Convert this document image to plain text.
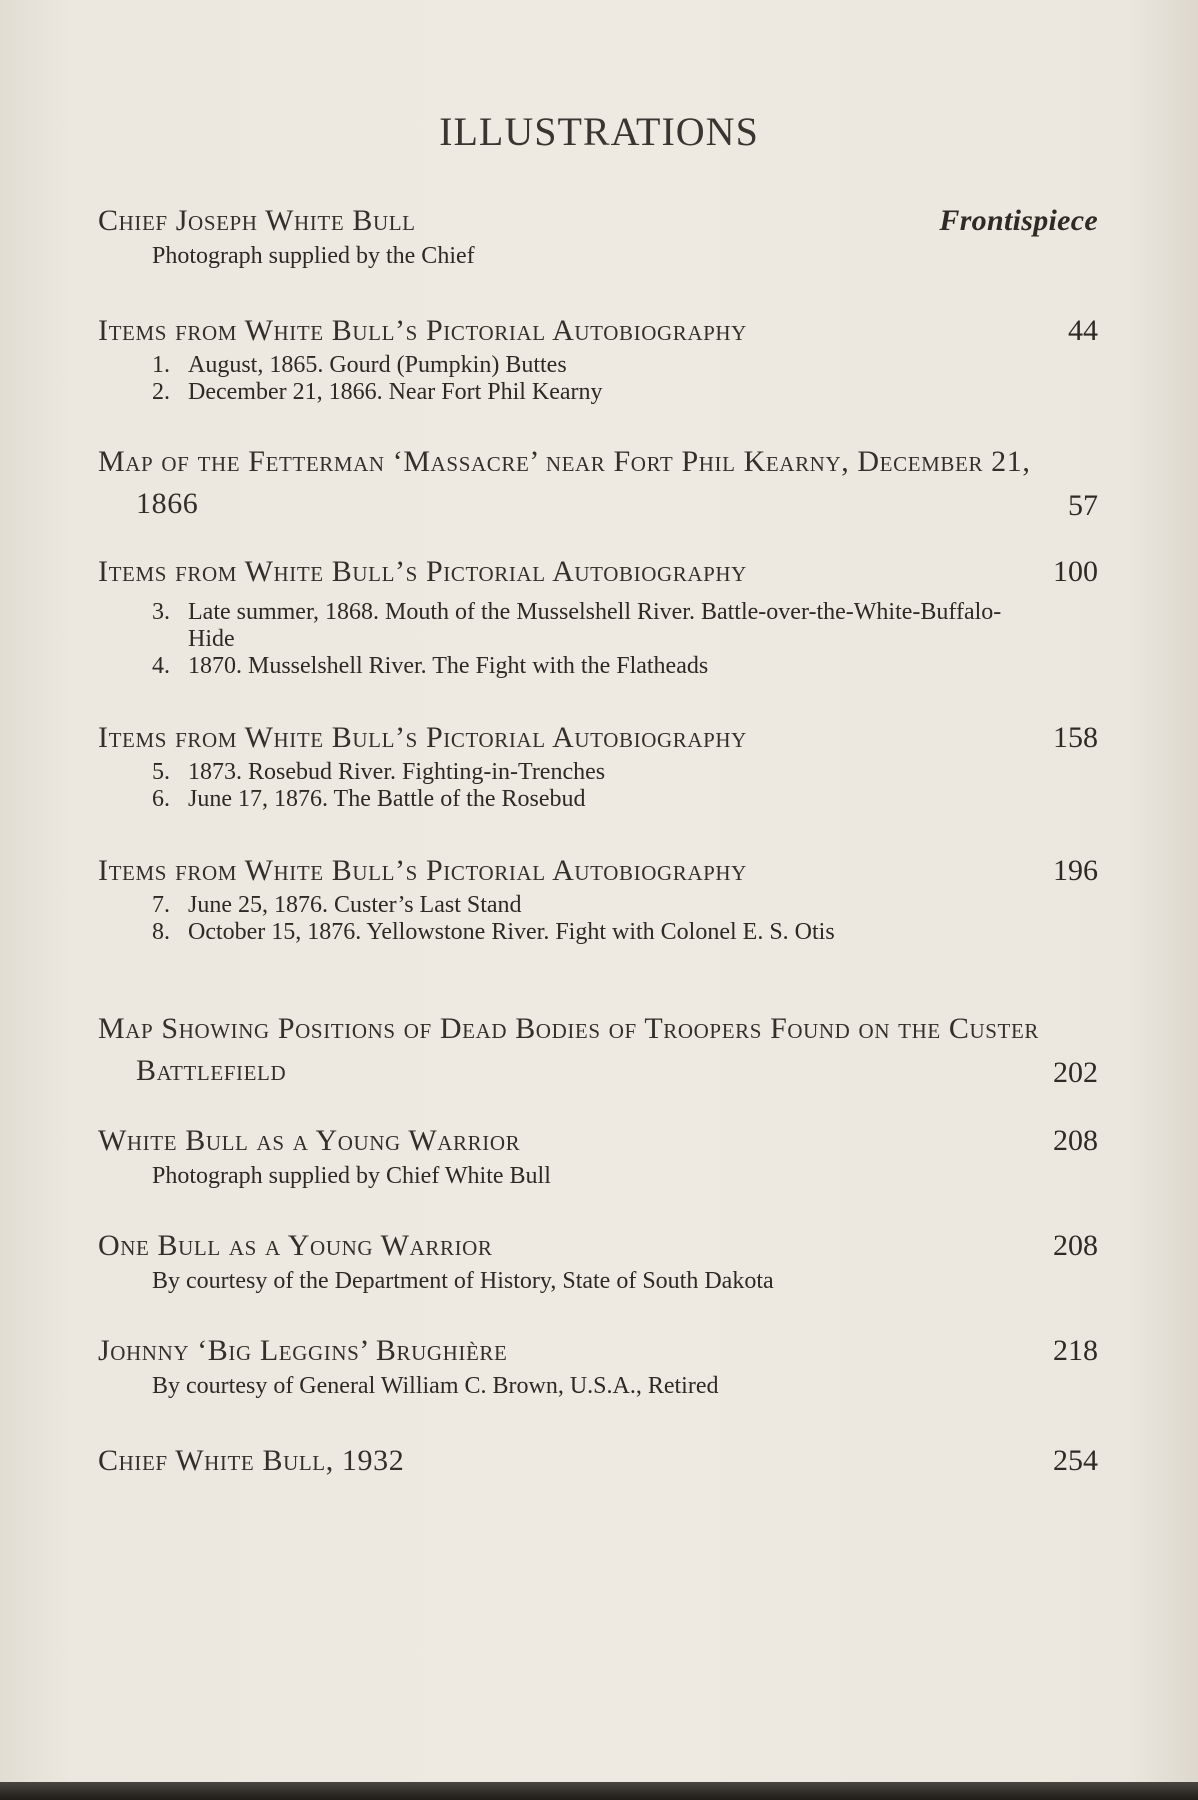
ILLUSTRATIONS
Frontispiece

Chief Joseph White Bull

Photograph supplied by the Chief
44

Items from White Bull’s Pictorial Autobiography

1. August, 1865. Gourd (Pumpkin) Buttes
2. December 21, 1866. Near Fort Phil Kearny
57

Map of the Fetterman ‘Massacre’ near Fort Phil Kearny, December 21, 1866

100

Items from White Bull’s Pictorial Autobiography

3. Late summer, 1868. Mouth of the Musselshell River. Battle-over-the-White-Buffalo-Hide
4. 1870. Musselshell River. The Fight with the Flatheads
158

Items from White Bull’s Pictorial Autobiography

5. 1873. Rosebud River. Fighting-in-Trenches
6. June 17, 1876. The Battle of the Rosebud
196

Items from White Bull’s Pictorial Autobiography

7. June 25, 1876. Custer’s Last Stand
8. October 15, 1876. Yellowstone River. Fight with Colonel E. S. Otis
202

Map Showing Positions of Dead Bodies of Troopers Found on the Custer Battlefield

208

White Bull as a Young Warrior

Photograph supplied by Chief White Bull
208

One Bull as a Young Warrior

By courtesy of the Department of History, State of South Dakota
218

Johnny ‘Big Leggins’ Brughière

By courtesy of General William C. Brown, U.S.A., Retired
254

Chief White Bull, 1932
